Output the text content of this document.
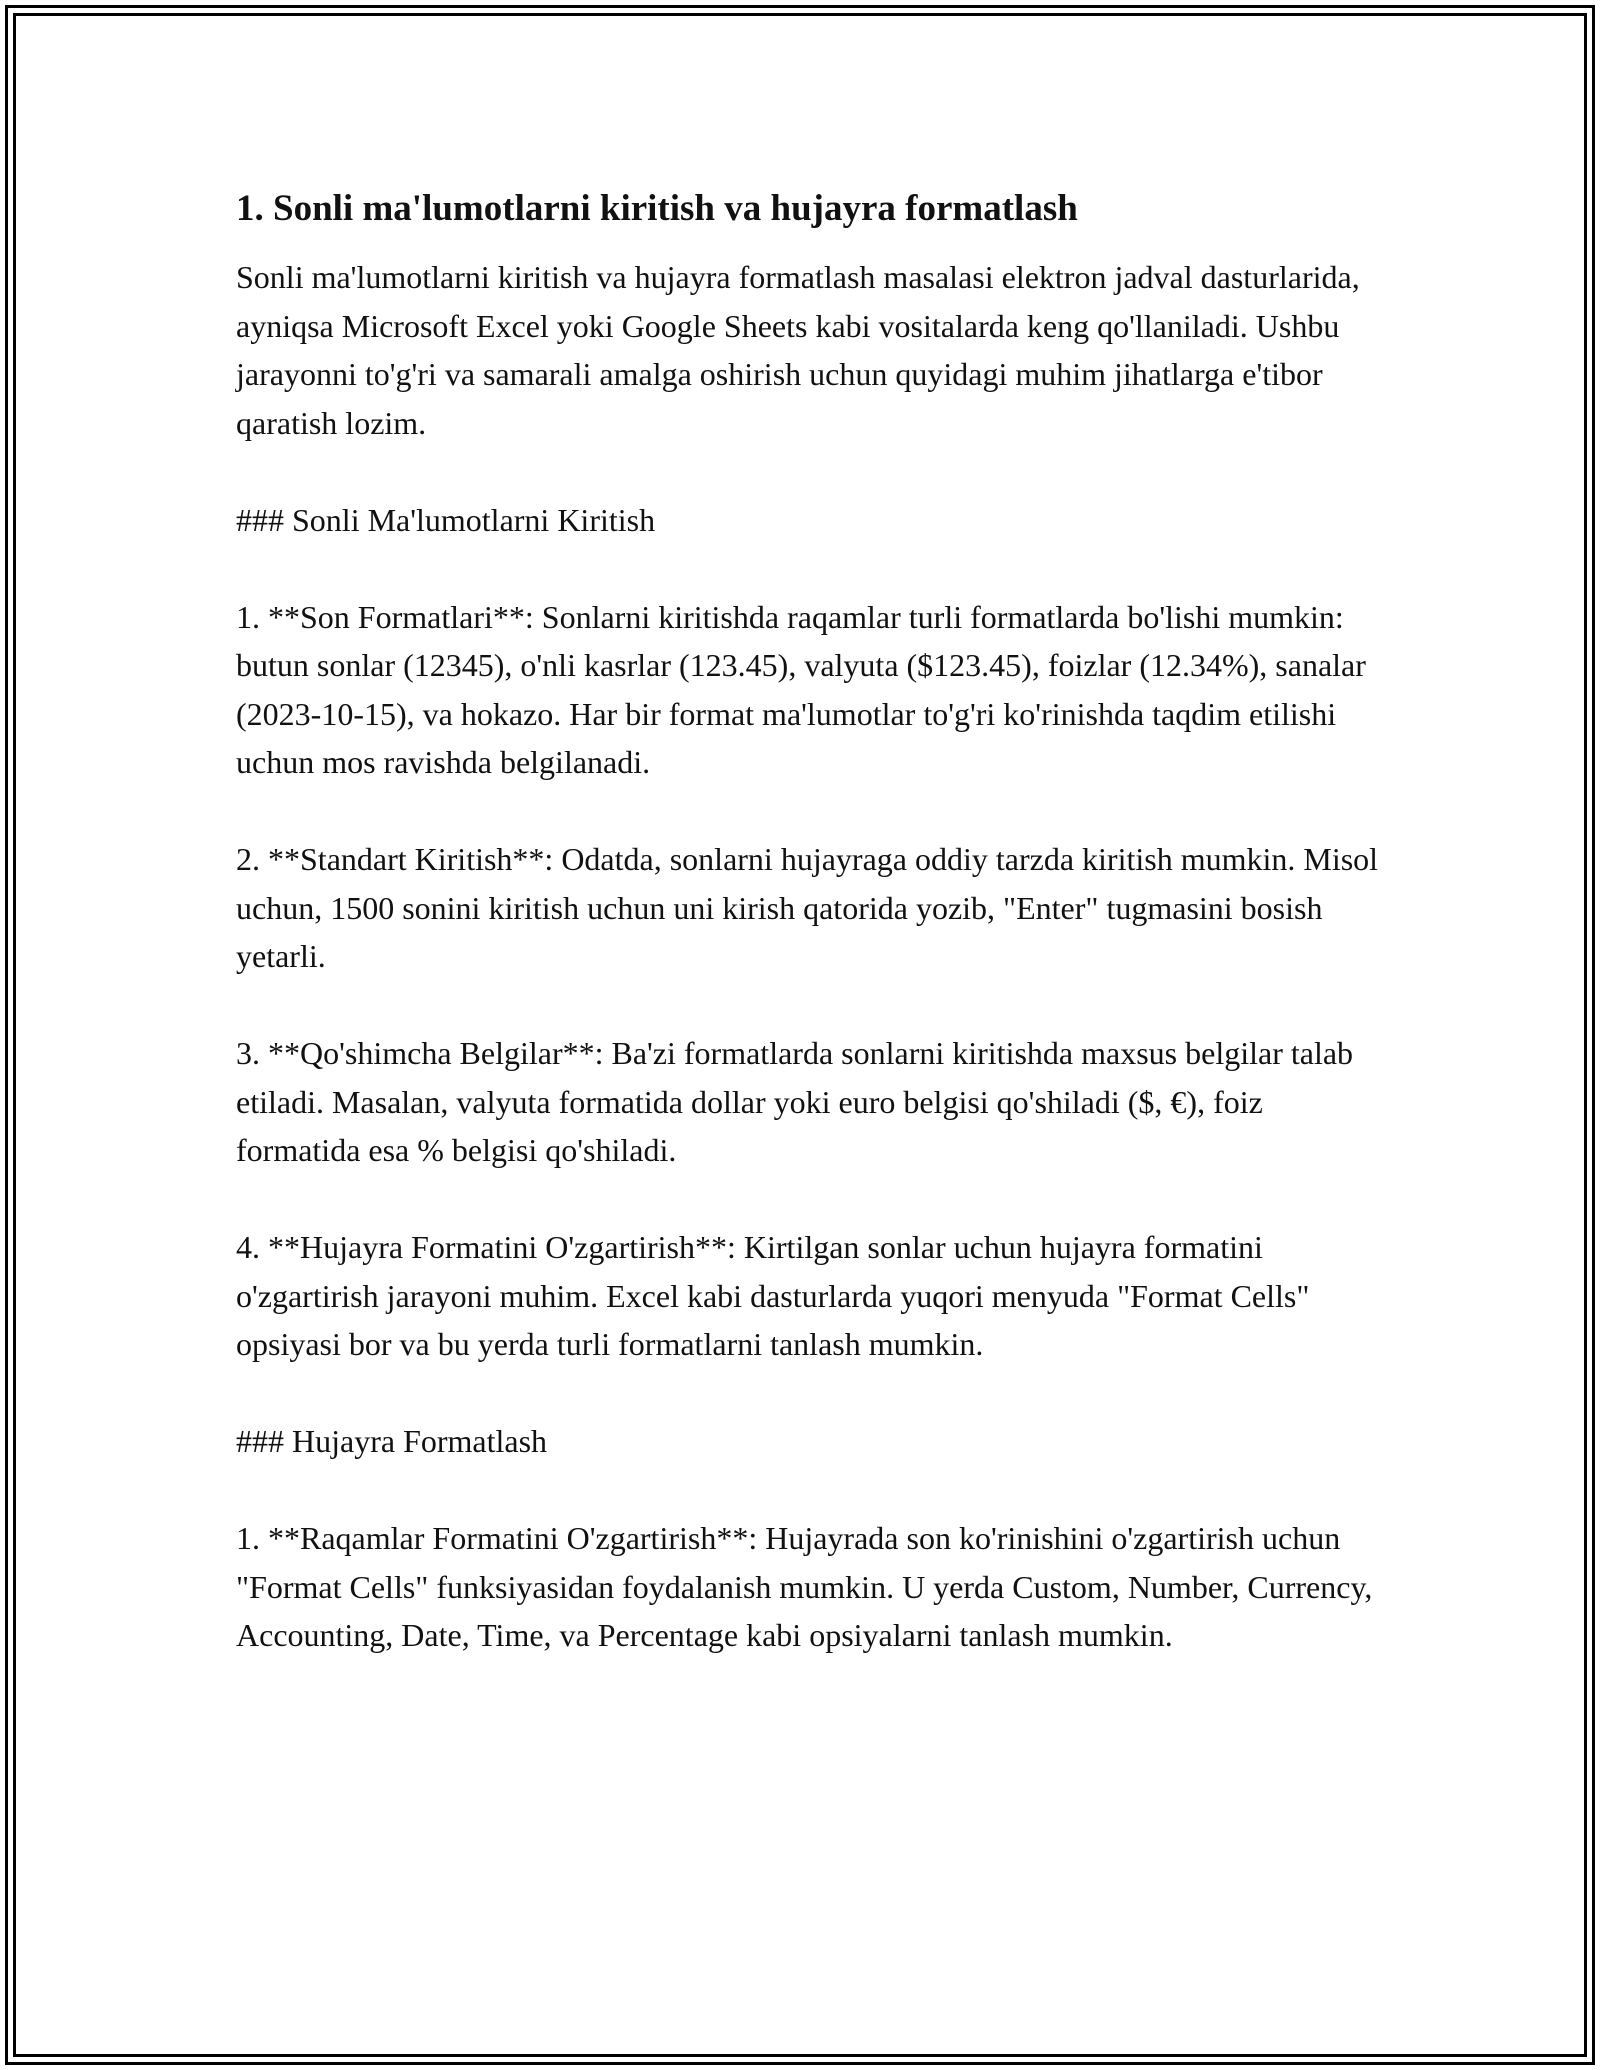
1. Sonli ma'lumotlarni kiritish va hujayra formatlash

Sonli ma'lumotlarni kiritish va hujayra formatlash masalasi elektron jadval dasturlarida, ayniqsa Microsoft Excel yoki Google Sheets kabi vositalarda keng qo'llaniladi. Ushbu jarayonni to'g'ri va samarali amalga oshirish uchun quyidagi muhim jihatlarga e'tibor qaratish lozim.

### Sonli Ma'lumotlarni Kiritish

1. **Son Formatlari**: Sonlarni kiritishda raqamlar turli formatlarda bo'lishi mumkin: butun sonlar (12345), o'nli kasrlar (123.45), valyuta ($123.45), foizlar (12.34%), sanalar (2023-10-15), va hokazo. Har bir format ma'lumotlar to'g'ri ko'rinishda taqdim etilishi uchun mos ravishda belgilanadi.

2. **Standart Kiritish**: Odatda, sonlarni hujayraga oddiy tarzda kiritish mumkin. Misol uchun, 1500 sonini kiritish uchun uni kirish qatorida yozib, "Enter" tugmasini bosish yetarli.

3. **Qo'shimcha Belgilar**: Ba'zi formatlarda sonlarni kiritishda maxsus belgilar talab etiladi. Masalan, valyuta formatida dollar yoki euro belgisi qo'shiladi ($, €), foiz formatida esa % belgisi qo'shiladi.

4. **Hujayra Formatini O'zgartirish**: Kirtilgan sonlar uchun hujayra formatini o'zgartirish jarayoni muhim. Excel kabi dasturlarda yuqori menyuda "Format Cells" opsiyasi bor va bu yerda turli formatlarni tanlash mumkin.

### Hujayra Formatlash

1. **Raqamlar Formatini O'zgartirish**: Hujayrada son ko'rinishini o'zgartirish uchun "Format Cells" funksiyasidan foydalanish mumkin. U yerda Custom, Number, Currency, Accounting, Date, Time, va Percentage kabi opsiyalarni tanlash mumkin.
